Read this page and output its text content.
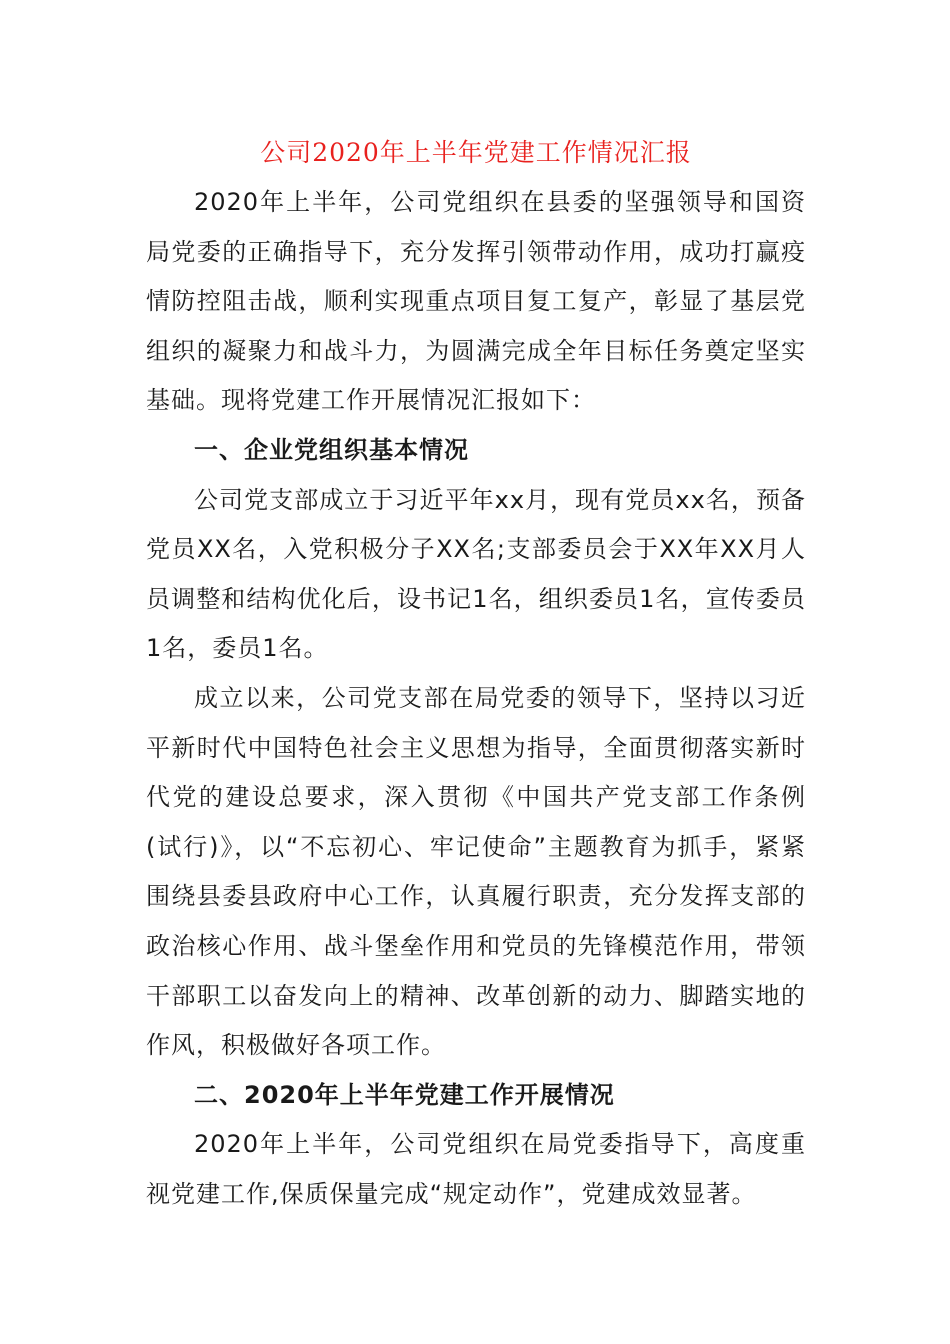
公司2020年上半年党建工作情况汇报

2020年上半年，公司党组织在县委的坚强领导和国资局党委的正确指导下，充分发挥引领带动作用，成功打赢疫情防控阻击战，顺利实现重点项目复工复产，彰显了基层党组织的凝聚力和战斗力，为圆满完成全年目标任务奠定坚实基础。现将党建工作开展情况汇报如下：

一、企业党组织基本情况

公司党支部成立于习近平年xx月，现有党员xx名，预备党员XX名，入党积极分子XX名;支部委员会于XX年XX月人员调整和结构优化后，设书记1名，组织委员1名，宣传委员1名，委员1名。

成立以来，公司党支部在局党委的领导下，坚持以习近平新时代中国特色社会主义思想为指导，全面贯彻落实新时代党的建设总要求，深入贯彻《中国共产党支部工作条例(试行)》，以“不忘初心、牢记使命”主题教育为抓手，紧紧围绕县委县政府中心工作，认真履行职责，充分发挥支部的政治核心作用、战斗堡垒作用和党员的先锋模范作用，带领干部职工以奋发向上的精神、改革创新的动力、脚踏实地的作风，积极做好各项工作。

二、2020年上半年党建工作开展情况

2020年上半年，公司党组织在局党委指导下，高度重视党建工作,保质保量完成“规定动作”，党建成效显著。
